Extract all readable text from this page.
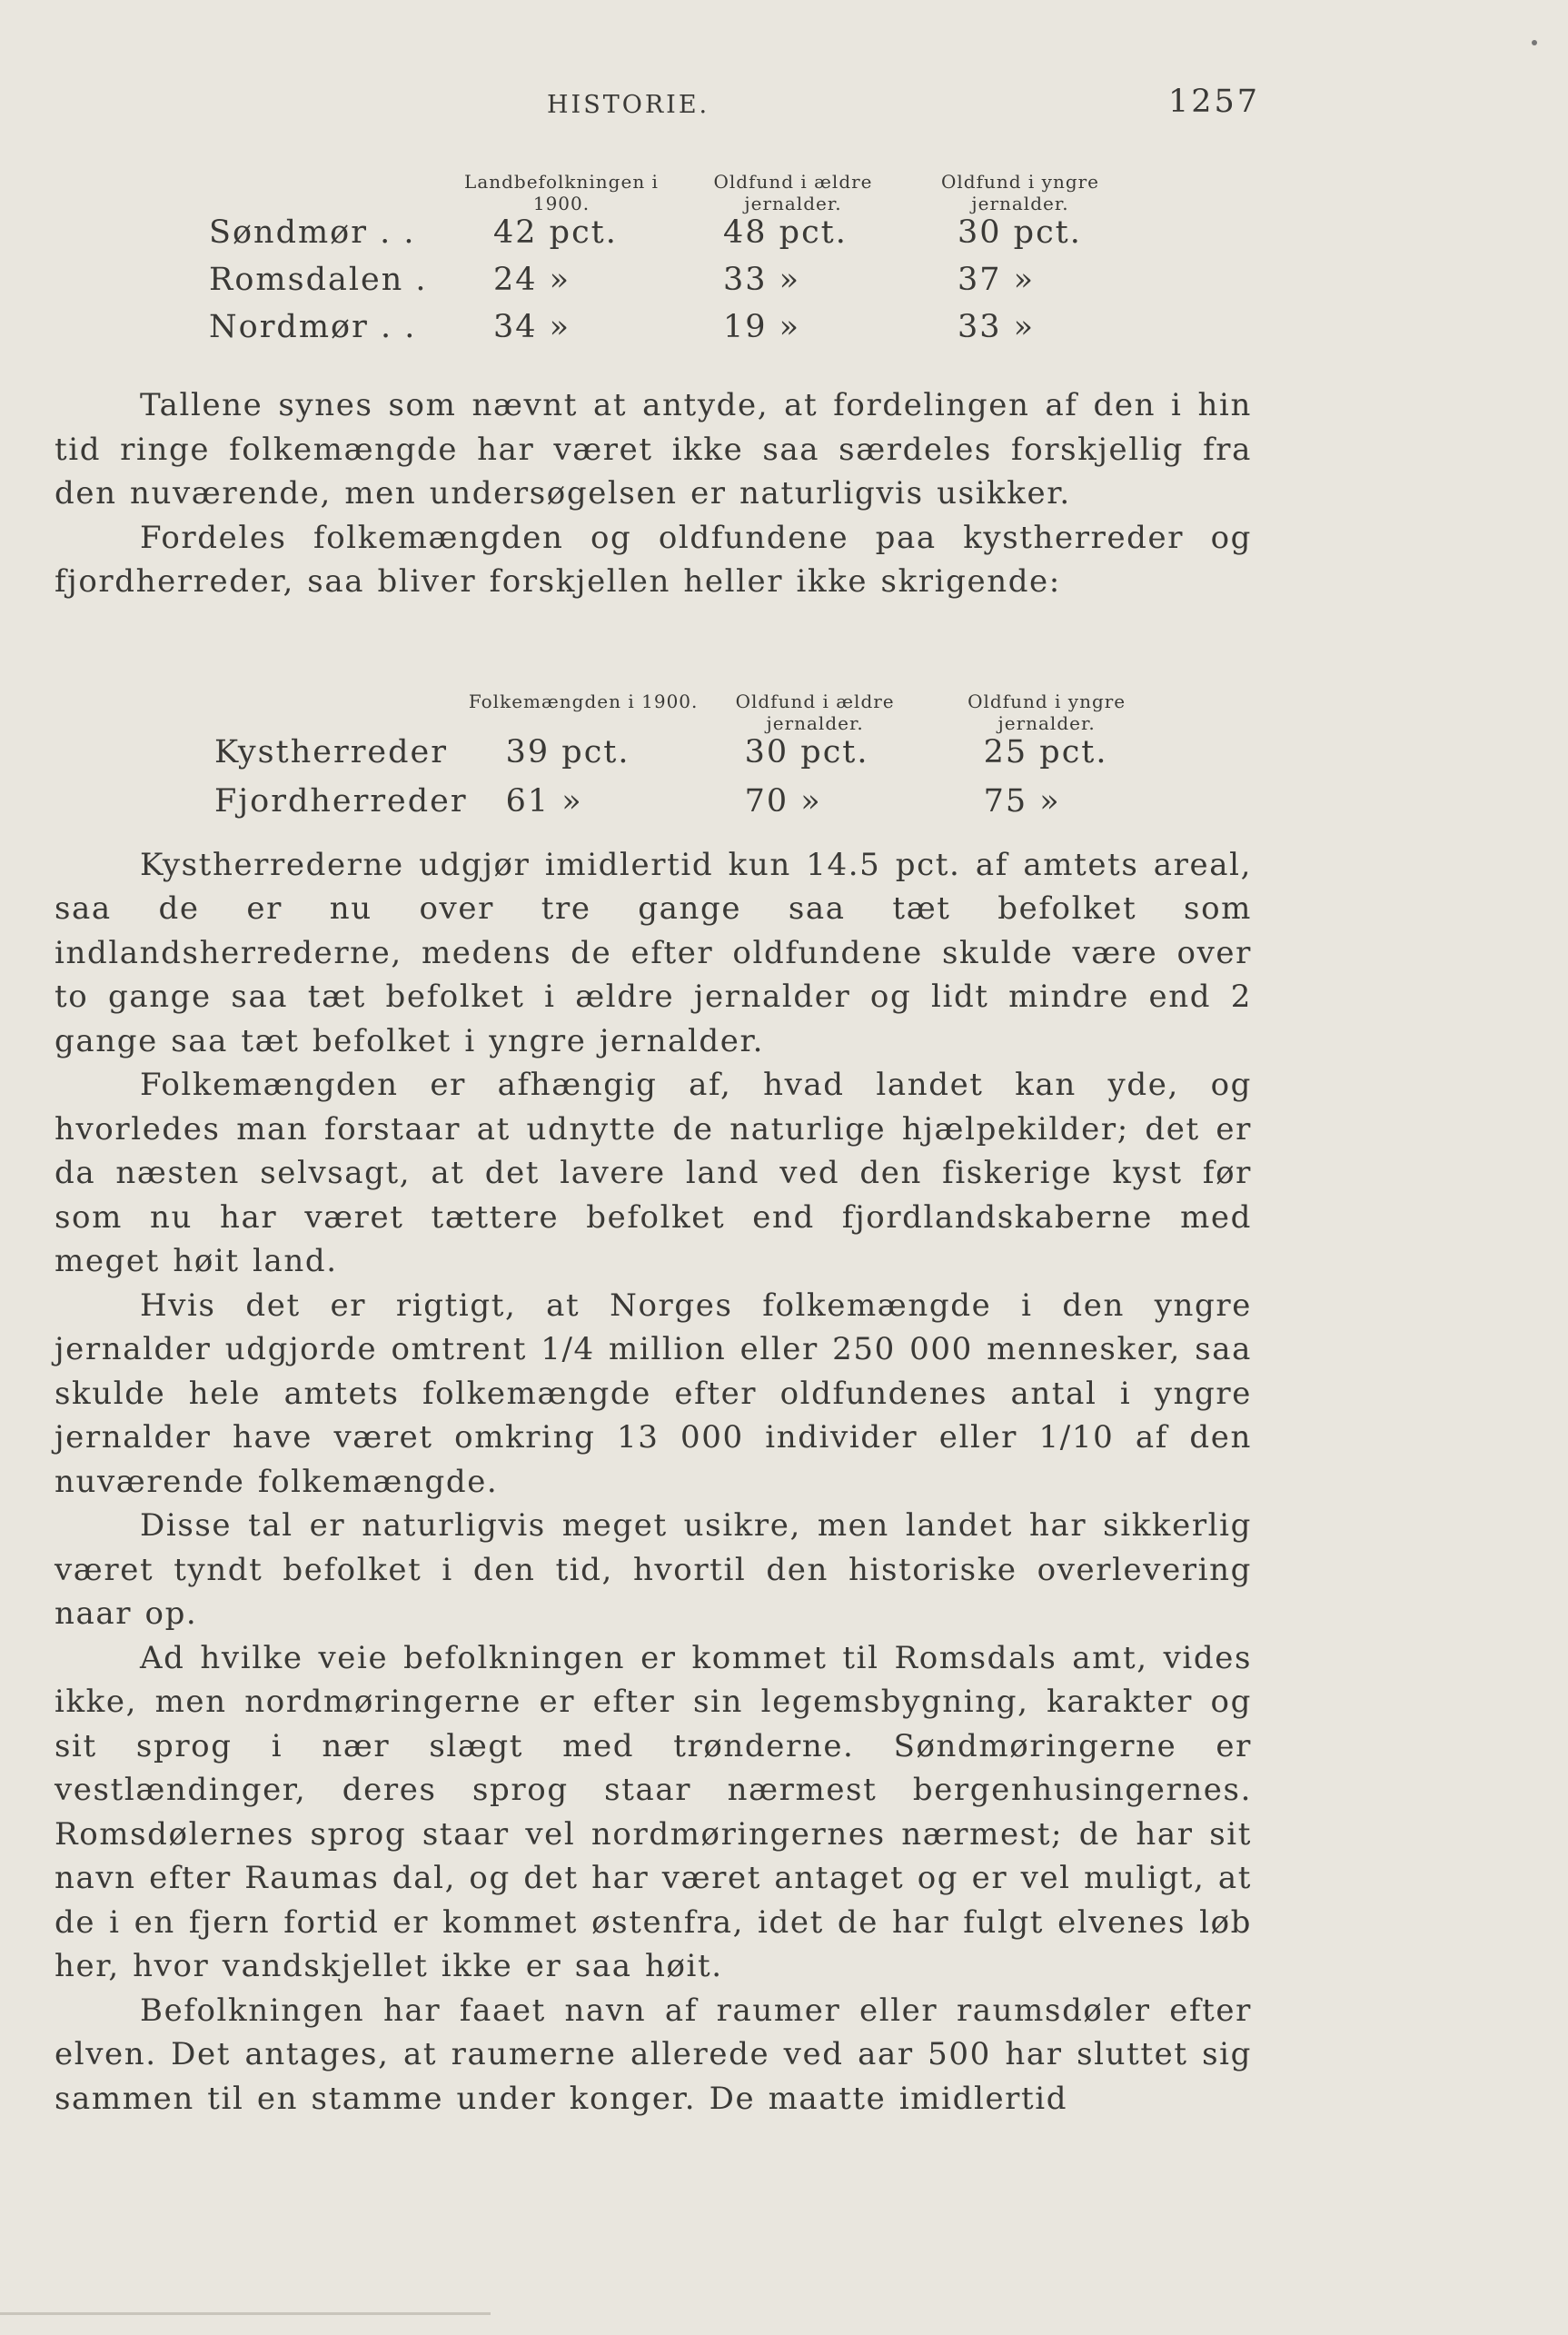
HISTORIE.	1257
	Landbefolkningen i 1900.	Oldfund i ældre jernalder.	Oldfund i yngre jernalder.
Søndmør . .	42 pct.	48 pct.	30 pct.
Romsdalen .	24 »	33 »	37 »
Nordmør . .	34 »	19 »	33 »
	Folkemængden i 1900.	Oldfund i ældre jernalder.	Oldfund i yngre jernalder.
Kystherreder	39 pct.	30 pct.	25 pct.
Fjordherreder	61 »	70 »	75 »

Tallene synes som nævnt at antyde, at fordelingen af den i hin tid ringe folkemængde har været ikke saa særdeles forskjellig fra den nuværende, men undersøgelsen er naturligvis usikker.

Fordeles folkemængden og oldfundene paa kystherreder og fjordherreder, saa bliver forskjellen heller ikke skrigende:

Kystherrederne udgjør imidlertid kun 14.5 pct. af amtets areal, saa de er nu over tre gange saa tæt befolket som indlandsherrederne, medens de efter oldfundene skulde være over to gange saa tæt befolket i ældre jernalder og lidt mindre end 2 gange saa tæt befolket i yngre jernalder.

Folkemængden er afhængig af, hvad landet kan yde, og hvorledes man forstaar at udnytte de naturlige hjælpekilder; det er da næsten selvsagt, at det lavere land ved den fiskerige kyst før som nu har været tættere befolket end fjordlandskaberne med meget høit land.

Hvis det er rigtigt, at Norges folkemængde i den yngre jernalder udgjorde omtrent 1/4 million eller 250 000 mennesker, saa skulde hele amtets folkemængde efter oldfundenes antal i yngre jernalder have været omkring 13 000 individer eller 1/10 af den nuværende folkemængde.

Disse tal er naturligvis meget usikre, men landet har sikkerlig været tyndt befolket i den tid, hvortil den historiske overlevering naar op.

Ad hvilke veie befolkningen er kommet til Romsdals amt, vides ikke, men nordmøringerne er efter sin legemsbygning, karakter og sit sprog i nær slægt med trønderne. Søndmøringerne er vestlændinger, deres sprog staar nærmest bergenhusingernes. Romsdølernes sprog staar vel nordmøringernes nærmest; de har sit navn efter Raumas dal, og det har været antaget og er vel muligt, at de i en fjern fortid er kommet østenfra, idet de har fulgt elvenes løb her, hvor vandskjellet ikke er saa høit.

Befolkningen har faaet navn af raumer eller raumsdøler efter elven. Det antages, at raumerne allerede ved aar 500 har sluttet sig sammen til en stamme under konger. De maatte imidlertid
